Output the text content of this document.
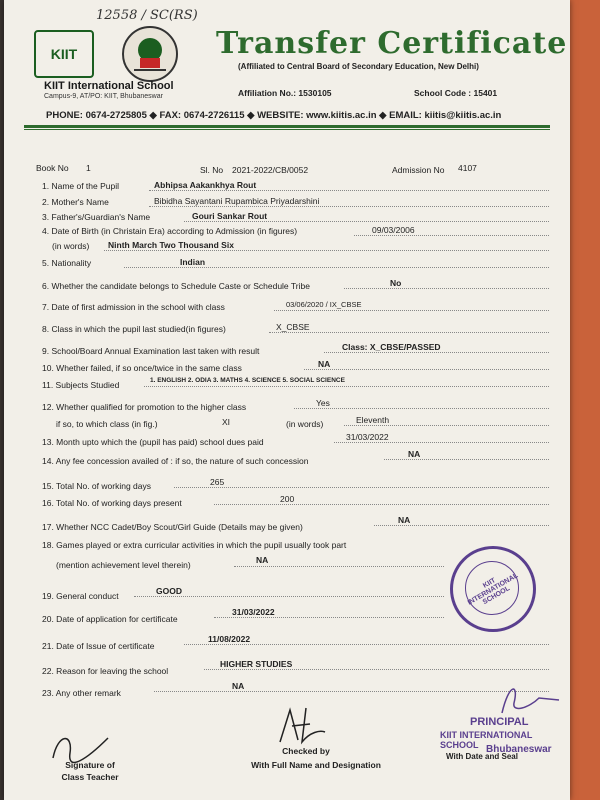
12558 / SC(RS)
KIIT
KIIT International School
Campus-9, AT/PO: KIIT, Bhubaneswar
Transfer Certificate
(Affiliated to Central Board of Secondary Education, New Delhi)
Affiliation No.: 1530105	School Code : 15401
PHONE: 0674-2725805 ◆ FAX: 0674-2726115 ◆ WEBSITE: www.kiitis.ac.in ◆ EMAIL: kiitis@kiitis.ac.in
Book No 1	Sl. No 2021-2022/CB/0052	Admission No 4107
1. Name of the Pupil	Abhipsa Aakankhya Rout
2. Mother's Name	Bibidha Sayantani Rupambica Priyadarshini
3. Father's/Guardian's Name	Gouri Sankar Rout
4. Date of Birth (in Christain Era) according to Admission (in figures)	09/03/2006
(in words) Ninth March Two Thousand Six
5. Nationality	Indian
6. Whether the candidate belongs to Schedule Caste or Schedule Tribe	No
7. Date of first admission in the school with class	03/06/2020 / IX_CBSE
8. Class in which the pupil last studied(in figures)	X_CBSE
9. School/Board Annual Examination last taken with result	Class: X_CBSE/PASSED
10. Whether failed, if so once/twice in the same class	NA
11. Subjects Studied	1. ENGLISH 2. ODIA 3. MATHS 4. SCIENCE 5. SOCIAL SCIENCE
12. Whether qualified for promotion to the higher class	Yes
if so, to which class (in fig.)	XI	(in words)	Eleventh
13. Month upto which the (pupil has paid) school dues paid	31/03/2022
14. Any fee concession availed of : if so, the nature of such concession
NA
15. Total No. of working days	265
16. Total No. of working days present	200
17. Whether NCC Cadet/Boy Scout/Girl Guide (Details may be given)
NA
18. Games played or extra curricular activities in which the pupil usually took part
(mention achievement level therein)	NA
19. General conduct	GOOD
20. Date of application for certificate
31/03/2022
21. Date of Issue of certificate
11/08/2022
22. Reason for leaving the school
HIGHER STUDIES
23. Any other remark
NA
KIIT INTERNATIONAL SCHOOL
Signature of
Class Teacher
Checked by
With Full Name and Designation
PRINCIPAL
KIIT INTERNATIONAL SCHOOL
With Date and Seal
Bhubaneswar
